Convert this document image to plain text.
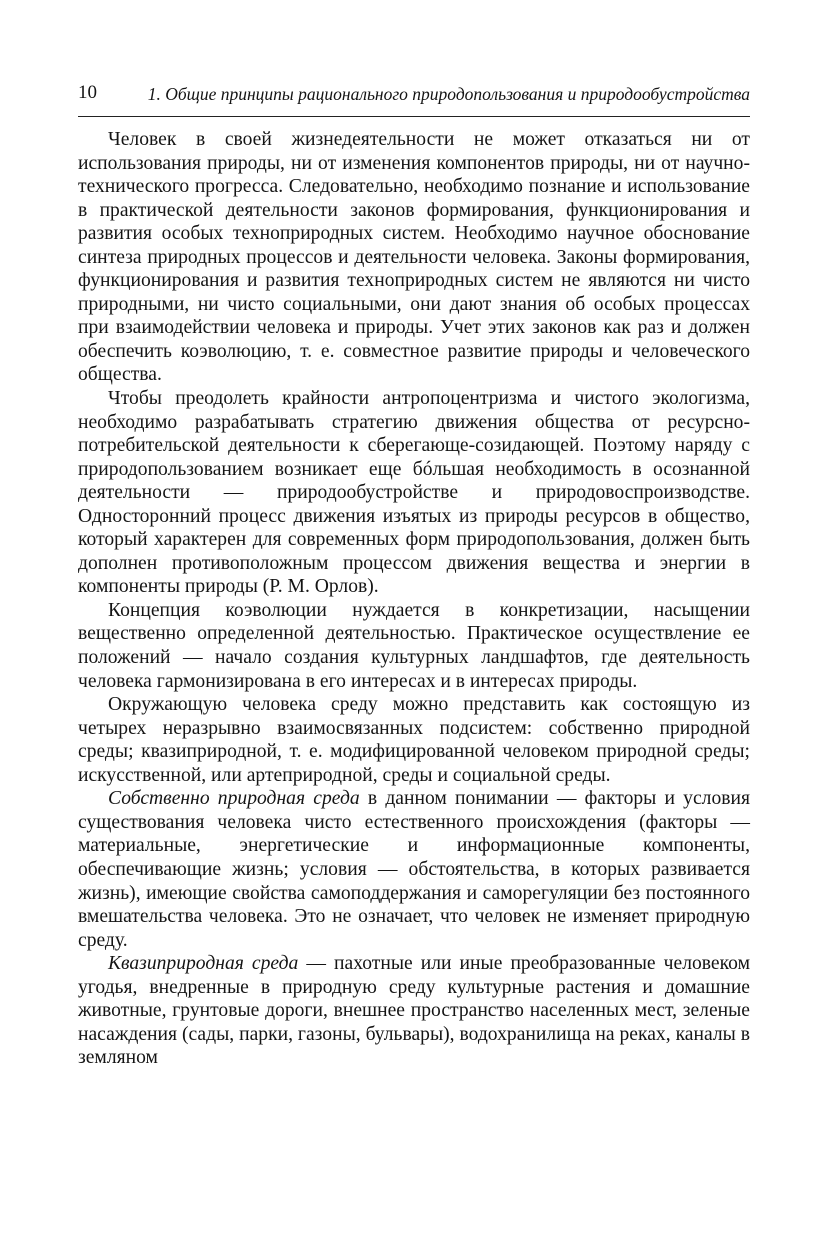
10	1. Общие принципы рационального природопользования и природообустройства

Человек в своей жизнедеятельности не может отказаться ни от использования природы, ни от изменения компонентов природы, ни от научно-технического прогресса. Следовательно, необходимо познание и использование в практической деятельности законов формирования, функционирования и развития особых техноприродных систем. Необходимо научное обоснование синтеза природных процессов и деятельности человека. Законы формирования, функционирования и развития техноприродных систем не являются ни чисто природными, ни чисто социальными, они дают знания об особых процессах при взаимодействии человека и природы. Учет этих законов как раз и должен обеспечить коэволюцию, т. е. совместное развитие природы и человеческого общества.

Чтобы преодолеть крайности антропоцентризма и чистого экологизма, необходимо разрабатывать стратегию движения общества от ресурсно-потребительской деятельности к сберегающе-созидающей. Поэтому наряду с природопользованием возникает еще бóльшая необходимость в осознанной деятельности — природообустройстве и природовоспроизводстве. Односторонний процесс движения изъятых из природы ресурсов в общество, который характерен для современных форм природопользования, должен быть дополнен противоположным процессом движения вещества и энергии в компоненты природы (Р. М. Орлов).

Концепция коэволюции нуждается в конкретизации, насыщении вещественно определенной деятельностью. Практическое осуществление ее положений — начало создания культурных ландшафтов, где деятельность человека гармонизирована в его интересах и в интересах природы.

Окружающую человека среду можно представить как состоящую из четырех неразрывно взаимосвязанных подсистем: собственно природной среды; квазиприродной, т. е. модифицированной человеком природной среды; искусственной, или артеприродной, среды и социальной среды.

Собственно природная среда в данном понимании — факторы и условия существования человека чисто естественного происхождения (факторы — материальные, энергетические и информационные компоненты, обеспечивающие жизнь; условия — обстоятельства, в которых развивается жизнь), имеющие свойства самоподдержания и саморегуляции без постоянного вмешательства человека. Это не означает, что человек не изменяет природную среду.

Квазиприродная среда — пахотные или иные преобразованные человеком угодья, внедренные в природную среду культурные растения и домашние животные, грунтовые дороги, внешнее пространство населенных мест, зеленые насаждения (сады, парки, газоны, бульвары), водохранилища на реках, каналы в земляном
